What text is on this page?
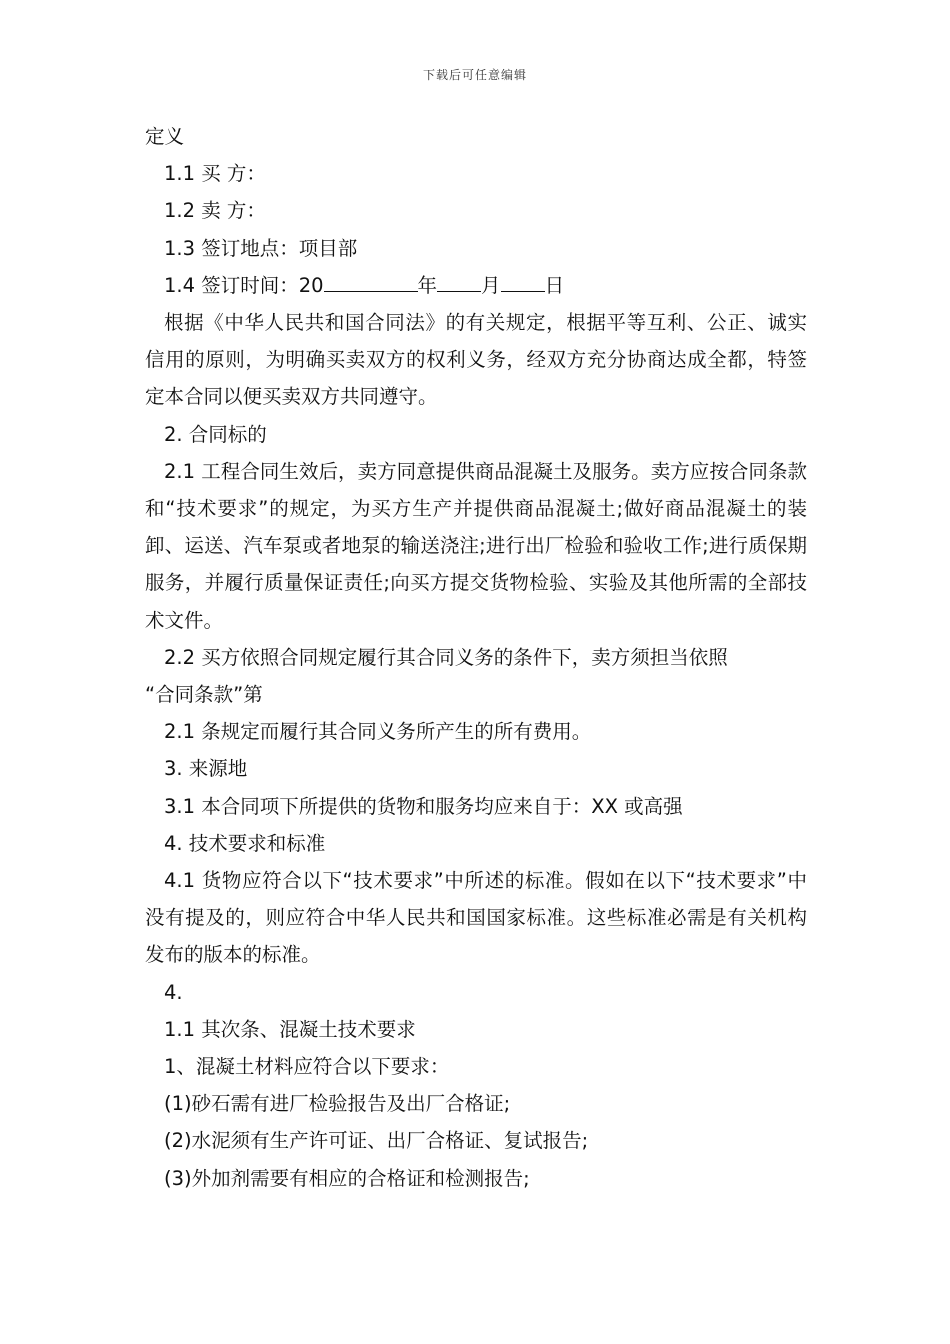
下载后可任意编辑

定义

1.1 买 方：

1.2 卖 方：

1.3 签订地点：项目部

1.4 签订时间：20	年 月 日

根据《中华人民共和国合同法》的有关规定，根据平等互利、公正、诚实信用的原则，为明确买卖双方的权利义务，经双方充分协商达成全都，特签定本合同以便买卖双方共同遵守。

2. 合同标的

2.1 工程合同生效后，卖方同意提供商品混凝土及服务。卖方应按合同条款和“技术要求”的规定，为买方生产并提供商品混凝土;做好商品混凝土的装卸、运送、汽车泵或者地泵的输送浇注;进行出厂检验和验收工作;进行质保期服务，并履行质量保证责任;向买方提交货物检验、实验及其他所需的全部技术文件。

2.2 买方依照合同规定履行其合同义务的条件下，卖方须担当依照

“合同条款”第

2.1 条规定而履行其合同义务所产生的所有费用。

3. 来源地

3.1 本合同项下所提供的货物和服务均应来自于：XX 或高强

4. 技术要求和标准

4.1 货物应符合以下“技术要求”中所述的标准。假如在以下“技术要求”中没有提及的，则应符合中华人民共和国国家标准。这些标准必需是有关机构发布的版本的标准。

4.

1.1 其次条、混凝土技术要求

1、混凝土材料应符合以下要求：

(1)砂石需有进厂检验报告及出厂合格证;

(2)水泥须有生产许可证、出厂合格证、复试报告;

(3)外加剂需要有相应的合格证和检测报告;
